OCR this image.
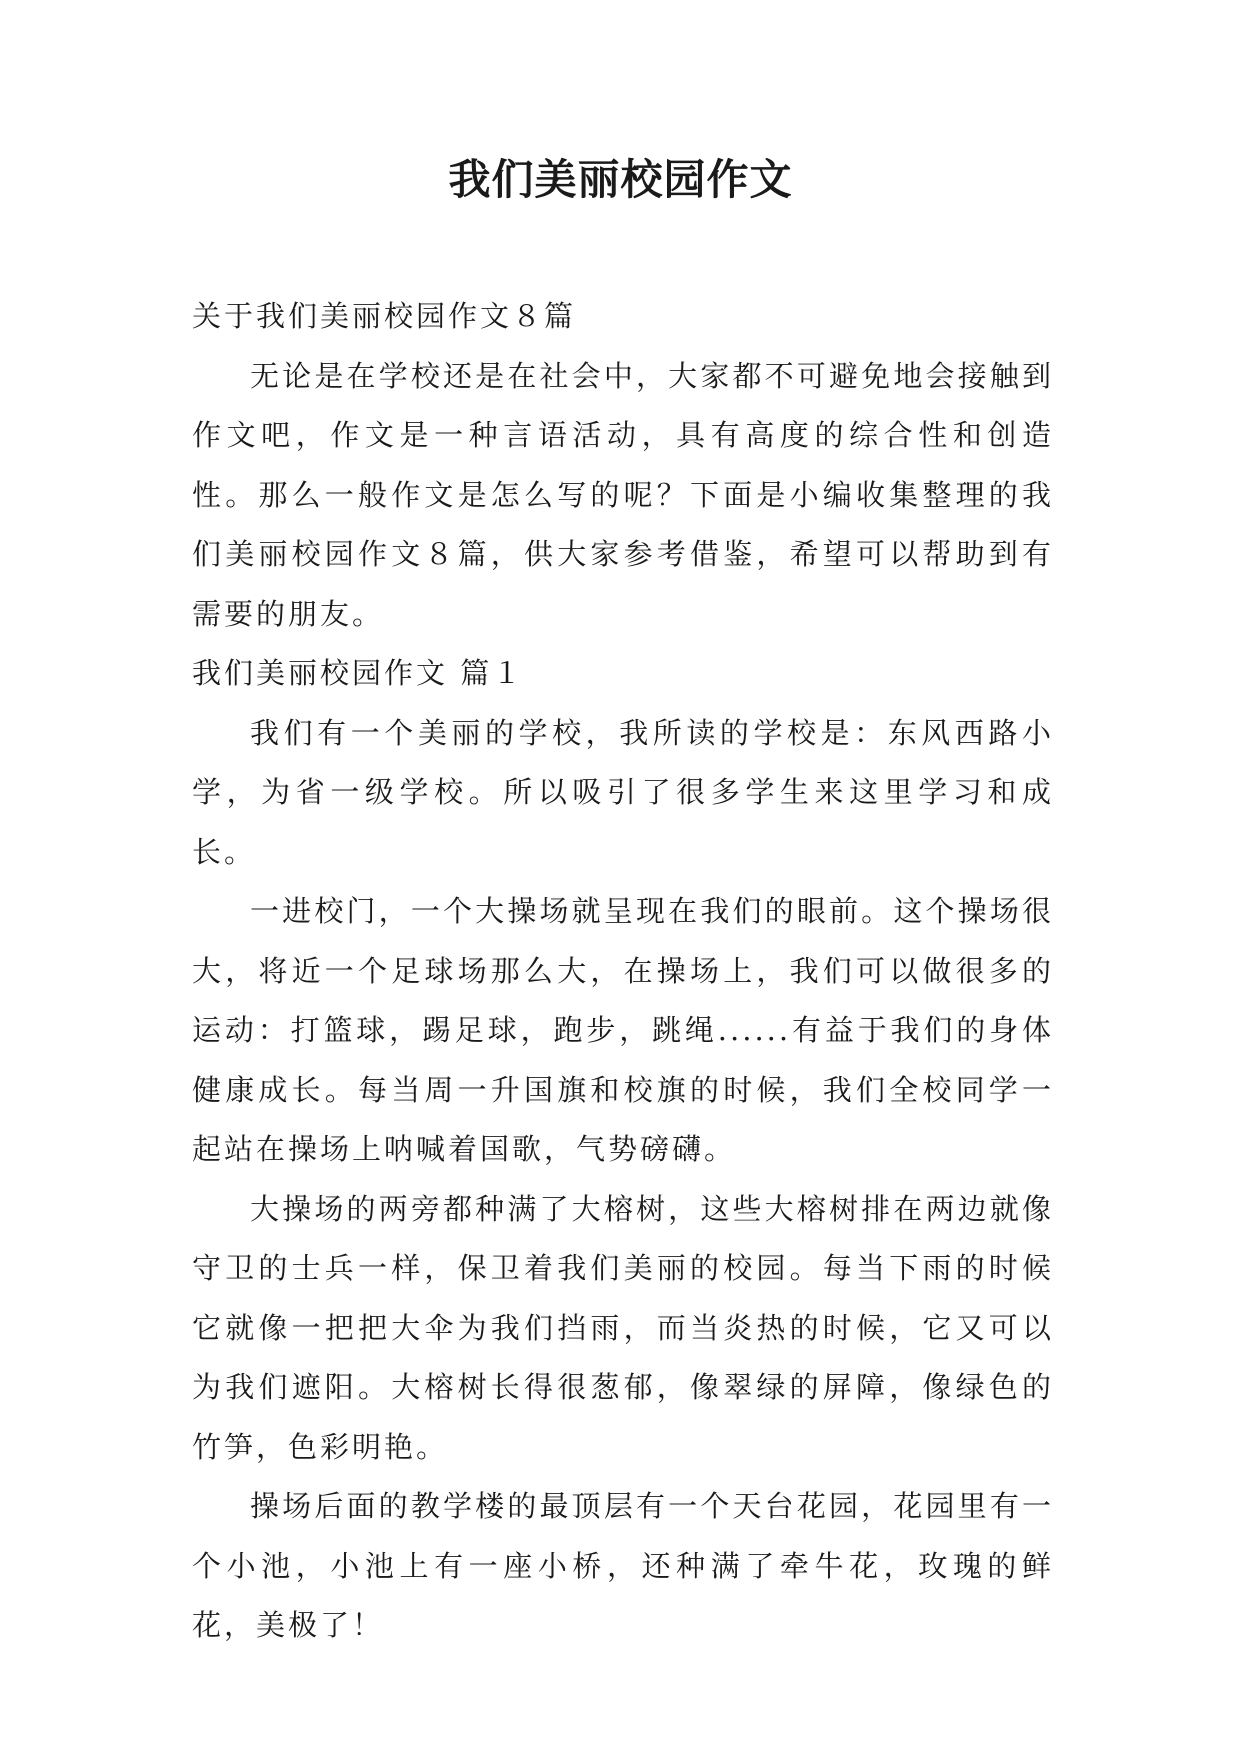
我们美丽校园作文

关于我们美丽校园作文８篇

无论是在学校还是在社会中，大家都不可避免地会接触到作文吧，作文是一种言语活动，具有高度的综合性和创造性。那么一般作文是怎么写的呢？下面是小编收集整理的我们美丽校园作文８篇，供大家参考借鉴，希望可以帮助到有需要的朋友。

我们美丽校园作文 篇１

我们有一个美丽的学校，我所读的学校是：东风西路小学，为省一级学校。所以吸引了很多学生来这里学习和成长。

一进校门，一个大操场就呈现在我们的眼前。这个操场很大，将近一个足球场那么大，在操场上，我们可以做很多的运动：打篮球，踢足球，跑步，跳绳......有益于我们的身体健康成长。每当周一升国旗和校旗的时候，我们全校同学一起站在操场上呐喊着国歌，气势磅礴。

大操场的两旁都种满了大榕树，这些大榕树排在两边就像守卫的士兵一样，保卫着我们美丽的校园。每当下雨的时候它就像一把把大伞为我们挡雨，而当炎热的时候，它又可以为我们遮阳。大榕树长得很葱郁，像翠绿的屏障，像绿色的竹笋，色彩明艳。

操场后面的教学楼的最顶层有一个天台花园，花园里有一个小池，小池上有一座小桥，还种满了牵牛花，玫瑰的鲜花，美极了！
